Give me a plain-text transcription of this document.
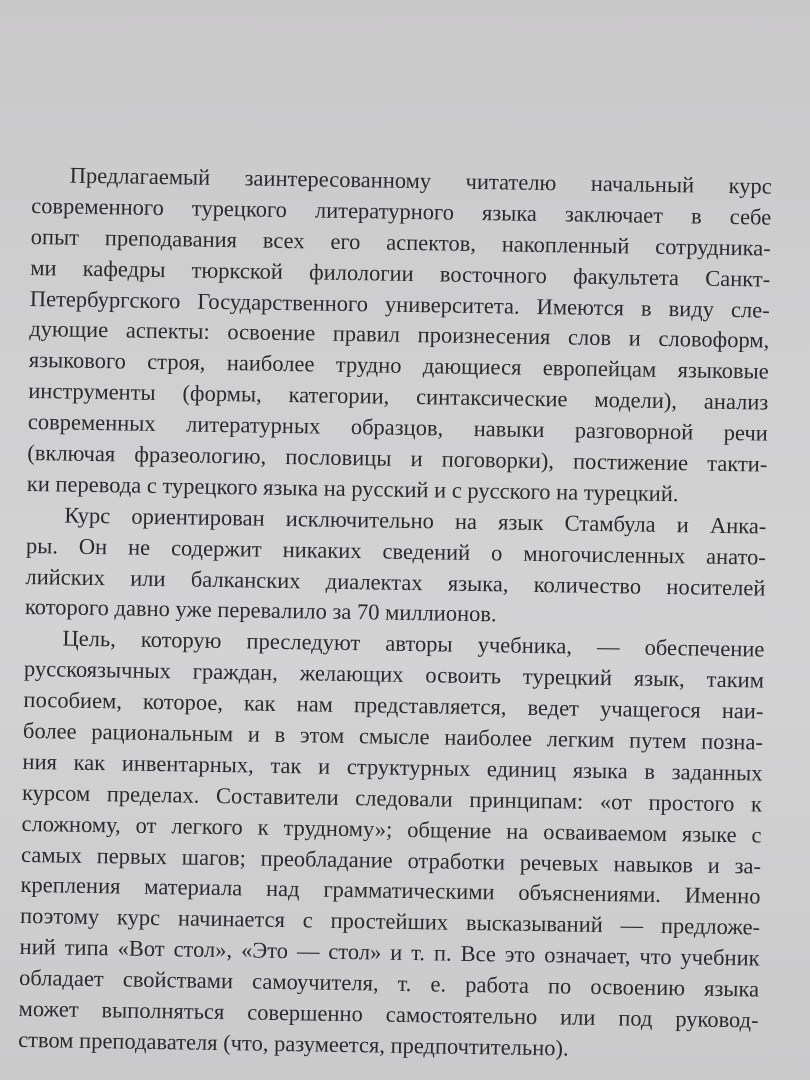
Предлагаемый заинтересованному читателю начальный курс
современного турецкого литературного языка заключает в себе
опыт преподавания всех его аспектов, накопленный сотрудника-
ми кафедры тюркской филологии восточного факультета Санкт-
Петербургского Государственного университета. Имеются в виду сле-
дующие аспекты: освоение правил произнесения слов и словоформ,
языкового строя, наиболее трудно дающиеся европейцам языковые
инструменты (формы, категории, синтаксические модели), анализ
современных литературных образцов, навыки разговорной речи
(включая фразеологию, пословицы и поговорки), постижение такти-
ки перевода с турецкого языка на русский и с русского на турецкий.
Курс ориентирован исключительно на язык Стамбула и Анка-
ры. Он не содержит никаких сведений о многочисленных анато-
лийских или балканских диалектах языка, количество носителей
которого давно уже перевалило за 70 миллионов.
Цель, которую преследуют авторы учебника, — обеспечение
русскоязычных граждан, желающих освоить турецкий язык, таким
пособием, которое, как нам представляется, ведет учащегося наи-
более рациональным и в этом смысле наиболее легким путем позна-
ния как инвентарных, так и структурных единиц языка в заданных
курсом пределах. Составители следовали принципам: «от простого к
сложному, от легкого к трудному»; общение на осваиваемом языке с
самых первых шагов; преобладание отработки речевых навыков и за-
крепления материала над грамматическими объяснениями. Именно
поэтому курс начинается с простейших высказываний — предложе-
ний типа «Вот стол», «Это — стол» и т. п. Все это означает, что учебник
обладает свойствами самоучителя, т. е. работа по освоению языка
может выполняться совершенно самостоятельно или под руковод-
ством преподавателя (что, разумеется, предпочтительно).
